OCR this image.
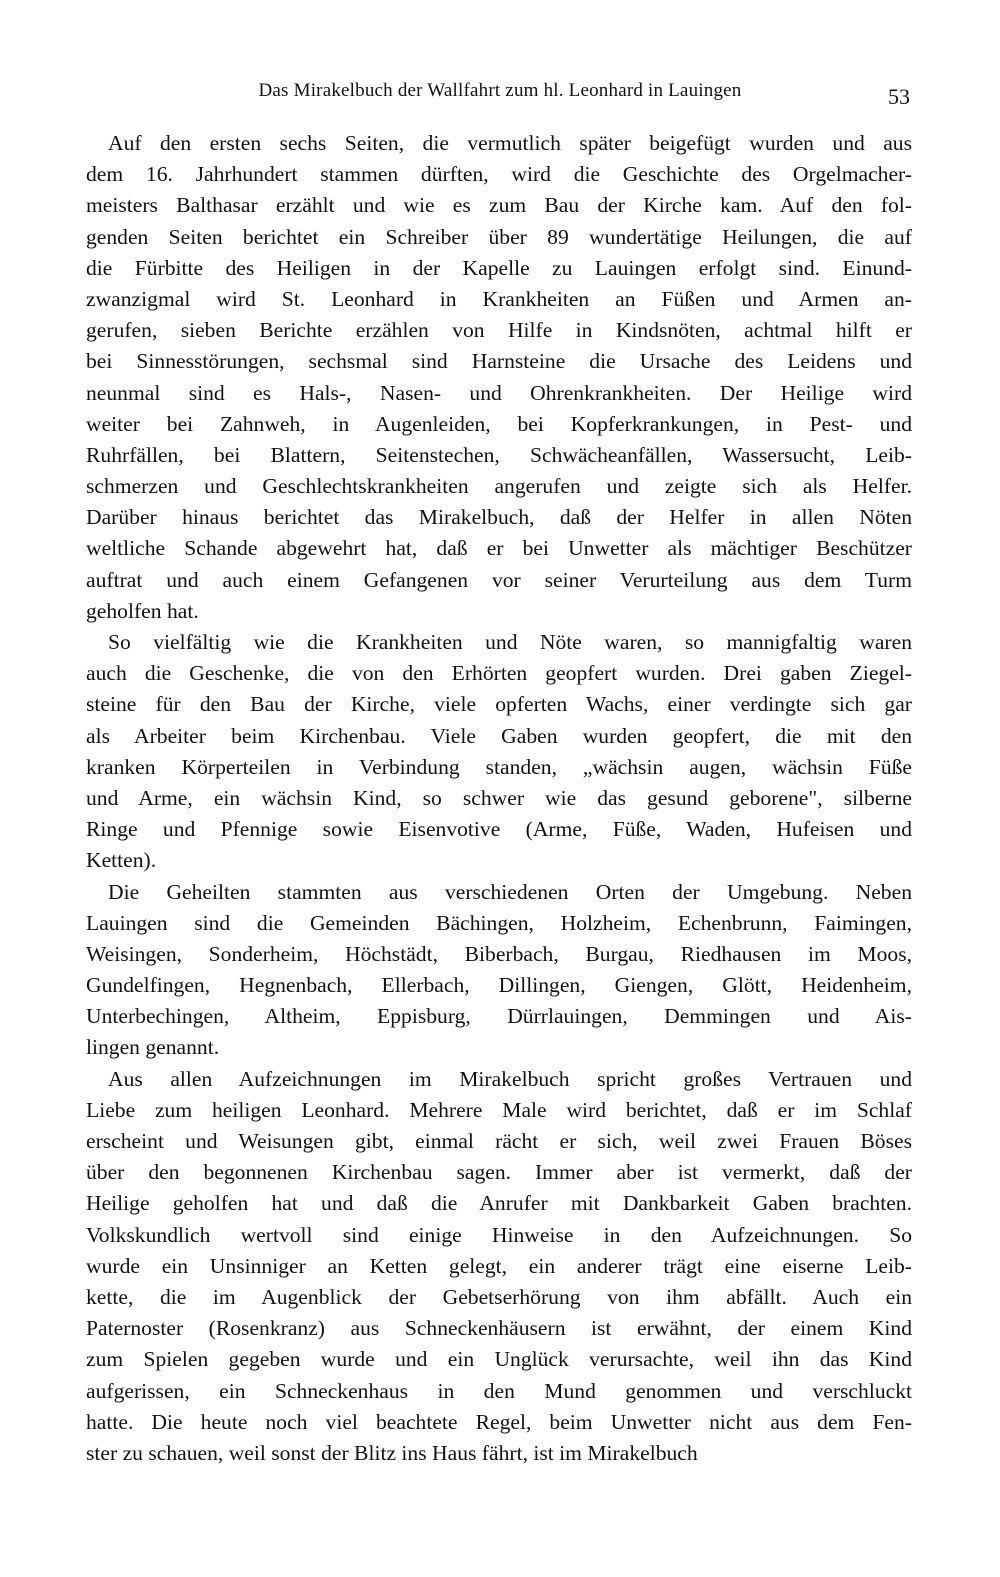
Das Mirakelbuch der Wallfahrt zum hl. Leonhard in Lauingen	53
Auf den ersten sechs Seiten, die vermutlich später beigefügt wurden und aus
dem 16. Jahrhundert stammen dürften, wird die Geschichte des Orgelmacher-
meisters Balthasar erzählt und wie es zum Bau der Kirche kam. Auf den fol-
genden Seiten berichtet ein Schreiber über 89 wundertätige Heilungen, die auf
die Fürbitte des Heiligen in der Kapelle zu Lauingen erfolgt sind. Einund-
zwanzigmal wird St. Leonhard in Krankheiten an Füßen und Armen an-
gerufen, sieben Berichte erzählen von Hilfe in Kindsnöten, achtmal hilft er
bei Sinnesstörungen, sechsmal sind Harnsteine die Ursache des Leidens und
neunmal sind es Hals-, Nasen- und Ohrenkrankheiten. Der Heilige wird
weiter bei Zahnweh, in Augenleiden, bei Kopferkrankungen, in Pest- und
Ruhrfällen, bei Blattern, Seitenstechen, Schwächeanfällen, Wassersucht, Leib-
schmerzen und Geschlechtskrankheiten angerufen und zeigte sich als Helfer.
Darüber hinaus berichtet das Mirakelbuch, daß der Helfer in allen Nöten
weltliche Schande abgewehrt hat, daß er bei Unwetter als mächtiger Beschützer
auftrat und auch einem Gefangenen vor seiner Verurteilung aus dem Turm
geholfen hat.
So vielfältig wie die Krankheiten und Nöte waren, so mannigfaltig waren
auch die Geschenke, die von den Erhörten geopfert wurden. Drei gaben Ziegel-
steine für den Bau der Kirche, viele opferten Wachs, einer verdingte sich gar
als Arbeiter beim Kirchenbau. Viele Gaben wurden geopfert, die mit den
kranken Körperteilen in Verbindung standen, „wächsin augen, wächsin Füße
und Arme, ein wächsin Kind, so schwer wie das gesund geborene", silberne
Ringe und Pfennige sowie Eisenvotive (Arme, Füße, Waden, Hufeisen und
Ketten).
Die Geheilten stammten aus verschiedenen Orten der Umgebung. Neben
Lauingen sind die Gemeinden Bächingen, Holzheim, Echenbrunn, Faimingen,
Weisingen, Sonderheim, Höchstädt, Biberbach, Burgau, Riedhausen im Moos,
Gundelfingen, Hegnenbach, Ellerbach, Dillingen, Giengen, Glött, Heidenheim,
Unterbechingen, Altheim, Eppisburg, Dürrlauingen, Demmingen und Ais-
lingen genannt.
Aus allen Aufzeichnungen im Mirakelbuch spricht großes Vertrauen und
Liebe zum heiligen Leonhard. Mehrere Male wird berichtet, daß er im Schlaf
erscheint und Weisungen gibt, einmal rächt er sich, weil zwei Frauen Böses
über den begonnenen Kirchenbau sagen. Immer aber ist vermerkt, daß der
Heilige geholfen hat und daß die Anrufer mit Dankbarkeit Gaben brachten.
Volkskundlich wertvoll sind einige Hinweise in den Aufzeichnungen. So
wurde ein Unsinniger an Ketten gelegt, ein anderer trägt eine eiserne Leib-
kette, die im Augenblick der Gebetserhörung von ihm abfällt. Auch ein
Paternoster (Rosenkranz) aus Schneckenhäusern ist erwähnt, der einem Kind
zum Spielen gegeben wurde und ein Unglück verursachte, weil ihn das Kind
aufgerissen, ein Schneckenhaus in den Mund genommen und verschluckt
hatte. Die heute noch viel beachtete Regel, beim Unwetter nicht aus dem Fen-
ster zu schauen, weil sonst der Blitz ins Haus fährt, ist im Mirakelbuch
